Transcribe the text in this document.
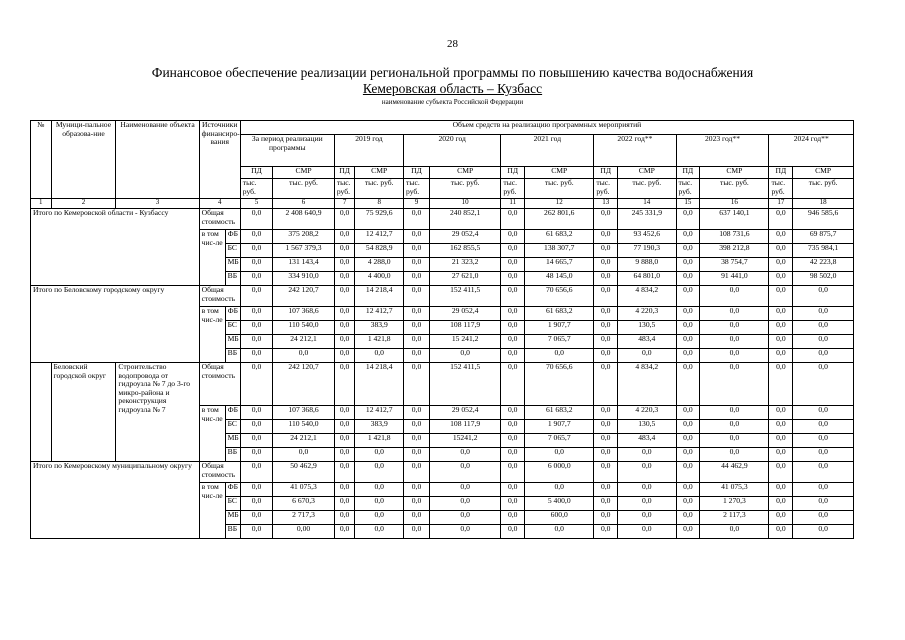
28
Финансовое обеспечение реализации региональной программы по повышению качества водоснабжения
Кемеровская область – Кузбасс
наименование субъекта Российской Федерации
№	Муници-пальное образова-ние	Наименование объекта	Источники финансиро-вания		Объем средств на реализацию программных мероприятий													
					За период реализации программы		2019 год		2020 год		2021 год		2022 год**		2023 год**		2024 год**	
					ПД	СМР	ПД	СМР	ПД	СМР	ПД	СМР	ПД	СМР	ПД	СМР	ПД	СМР
					тыс. руб.	тыс. руб.	тыс. руб.	тыс. руб.	тыс. руб.	тыс. руб.	тыс. руб.	тыс. руб.	тыс. руб.	тыс. руб.	тыс. руб.	тыс. руб.	тыс. руб.	тыс. руб.
1	2	3	4		5	6	7	8	9	10	11	12	13	14	15	16	17	18
Итого по Кемеровской области - Кузбассу			Общая стоимость		0,0	2 408 640,9	0,0	75 929,6	0,0	240 852,1	0,0	262 801,6	0,0	245 331,9	0,0	637 140,1	0,0	946 585,6
			в том чис-ле	ФБ	0,0	375 208,2	0,0	12 412,7	0,0	29 052,4	0,0	61 683,2	0,0	93 452,6	0,0	108 731,6	0,0	69 875,7
				БС	0,0	1 567 379,3	0,0	54 828,9	0,0	162 855,5	0,0	138 307,7	0,0	77 190,3	0,0	398 212,8	0,0	735 984,1
				МБ	0,0	131 143,4	0,0	4 288,0	0,0	21 323,2	0,0	14 665,7	0,0	9 888,0	0,0	38 754,7	0,0	42 223,8
				ВБ	0,0	334 910,0	0,0	4 400,0	0,0	27 621,0	0,0	48 145,0	0,0	64 801,0	0,0	91 441,0	0,0	98 502,0
Итого по Беловскому городскому округу			Общая стоимость		0,0	242 120,7	0,0	14 218,4	0,0	152 411,5	0,0	70 656,6	0,0	4 834,2	0,0	0,0	0,0	0,0
			в том чис-ле	ФБ	0,0	107 368,6	0,0	12 412,7	0,0	29 052,4	0,0	61 683,2	0,0	4 220,3	0,0	0,0	0,0	0,0
				БС	0,0	110 540,0	0,0	383,9	0,0	108 117,9	0,0	1 907,7	0,0	130,5	0,0	0,0	0,0	0,0
				МБ	0,0	24 212,1	0,0	1 421,8	0,0	15 241,2	0,0	7 065,7	0,0	483,4	0,0	0,0	0,0	0,0
				ВБ	0,0	0,0	0,0	0,0	0,0	0,0	0,0	0,0	0,0	0,0	0,0	0,0	0,0	0,0
	Беловский городской округ	Строительство водопровода от гидроузла № 7 до 3-го микро-района и реконструкция гидроузла № 7	Общая стоимость		0,0	242 120,7	0,0	14 218,4	0,0	152 411,5	0,0	70 656,6	0,0	4 834,2	0,0	0,0	0,0	0,0
			в том чис-ле	ФБ	0,0	107 368,6	0,0	12 412,7	0,0	29 052,4	0,0	61 683,2	0,0	4 220,3	0,0	0,0	0,0	0,0
				БС	0,0	110 540,0	0,0	383,9	0,0	108 117,9	0,0	1 907,7	0,0	130,5	0,0	0,0	0,0	0,0
				МБ	0,0	24 212,1	0,0	1 421,8	0,0	15241,2	0,0	7 065,7	0,0	483,4	0,0	0,0	0,0	0,0
				ВБ	0,0	0,0	0,0	0,0	0,0	0,0	0,0	0,0	0,0	0,0	0,0	0,0	0,0	0,0
Итого по Кемеровскому муниципальному округу			Общая стоимость		0,0	50 462,9	0,0	0,0	0,0	0,0	0,0	6 000,0	0,0	0,0	0,0	44 462,9	0,0	0,0
			в том чис-ле	ФБ	0,0	41 075,3	0,0	0,0	0,0	0,0	0,0	0,0	0,0	0,0	0,0	41 075,3	0,0	0,0
				БС	0,0	6 670,3	0,0	0,0	0,0	0,0	0,0	5 400,0	0,0	0,0	0,0	1 270,3	0,0	0,0
				МБ	0,0	2 717,3	0,0	0,0	0,0	0,0	0,0	600,0	0,0	0,0	0,0	2 117,3	0,0	0,0
				ВБ	0,0	0,00	0,0	0,0	0,0	0,0	0,0	0,0	0,0	0,0	0,0	0,0	0,0	0,0
